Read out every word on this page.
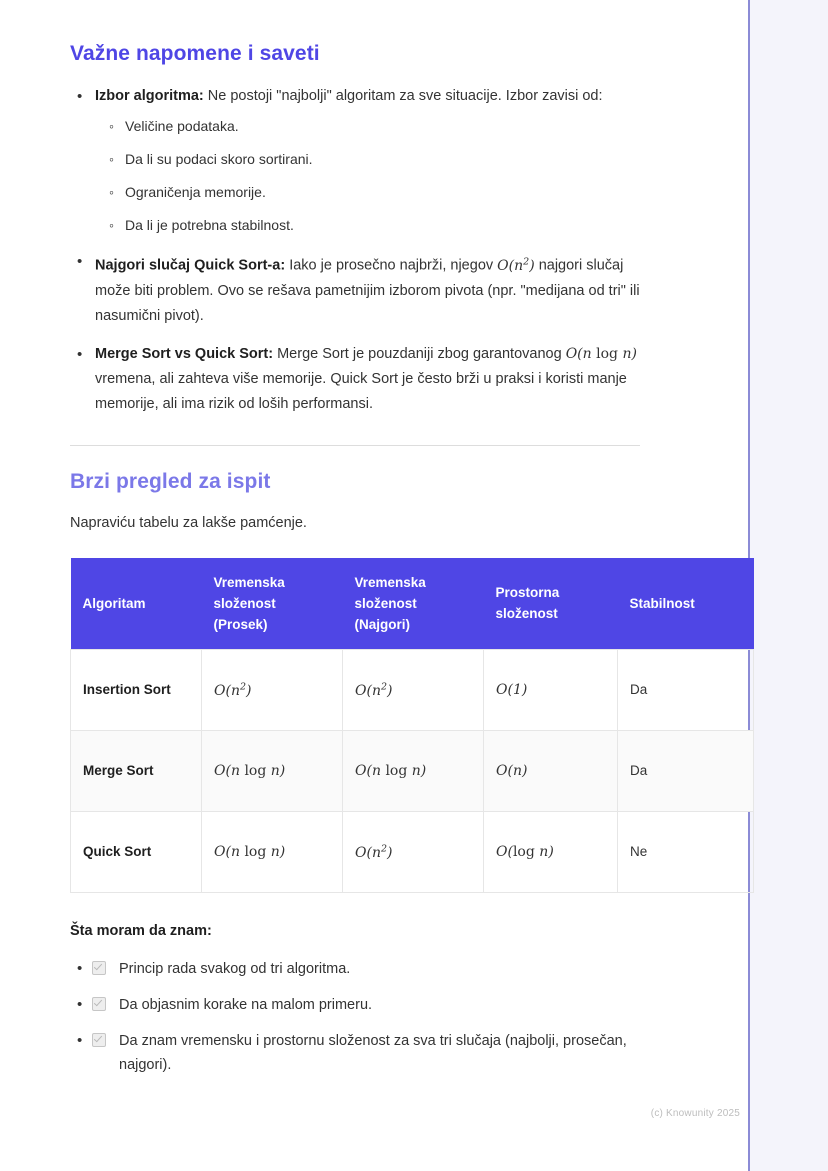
Važne napomene i saveti
• Izbor algoritma: Ne postoji "najbolji" algoritam za sve situacije. Izbor zavisi od:
◦ Veličine podataka.
◦ Da li su podaci skoro sortirani.
◦ Ograničenja memorije.
◦ Da li je potrebna stabilnost.
• Najgori slučaj Quick Sort-a: Iako je prosečno najbrži, njegov $O(n^2)$ najgori slučaj može biti problem. Ovo se rešava pametnijim izborom pivota (npr. "medijana od tri" ili nasumični pivot).
• Merge Sort vs Quick Sort: Merge Sort je pouzdaniji zbog garantovanog O(n log n) vremena, ali zahteva više memorije. Quick Sort je često brži u praksi i koristi manje memorije, ali ima rizik od loših performansi.
Brzi pregled za ispit

Napraviću tabelu za lakše pamćenje.

Algoritam	Vremenska složenost (Prosek)	Vremenska složenost (Najgori)	Prostorna složenost	Stabilnost
Insertion Sort	$O(n^2)$	$O(n^2)$	O(1)	Da
Merge Sort	O(n log n)	O(n log n)	O(n)	Da
Quick Sort	O(n log n)	$O(n^2)$	O(log n)	Ne
Šta moram da znam:
• Princip rada svakog od tri algoritma.
• Da objasnim korake na malom primeru.
• Da znam vremensku i prostornu složenost za sva tri slučaja (najbolji, prosečan, najgori).
(c) Knowunity 2025
